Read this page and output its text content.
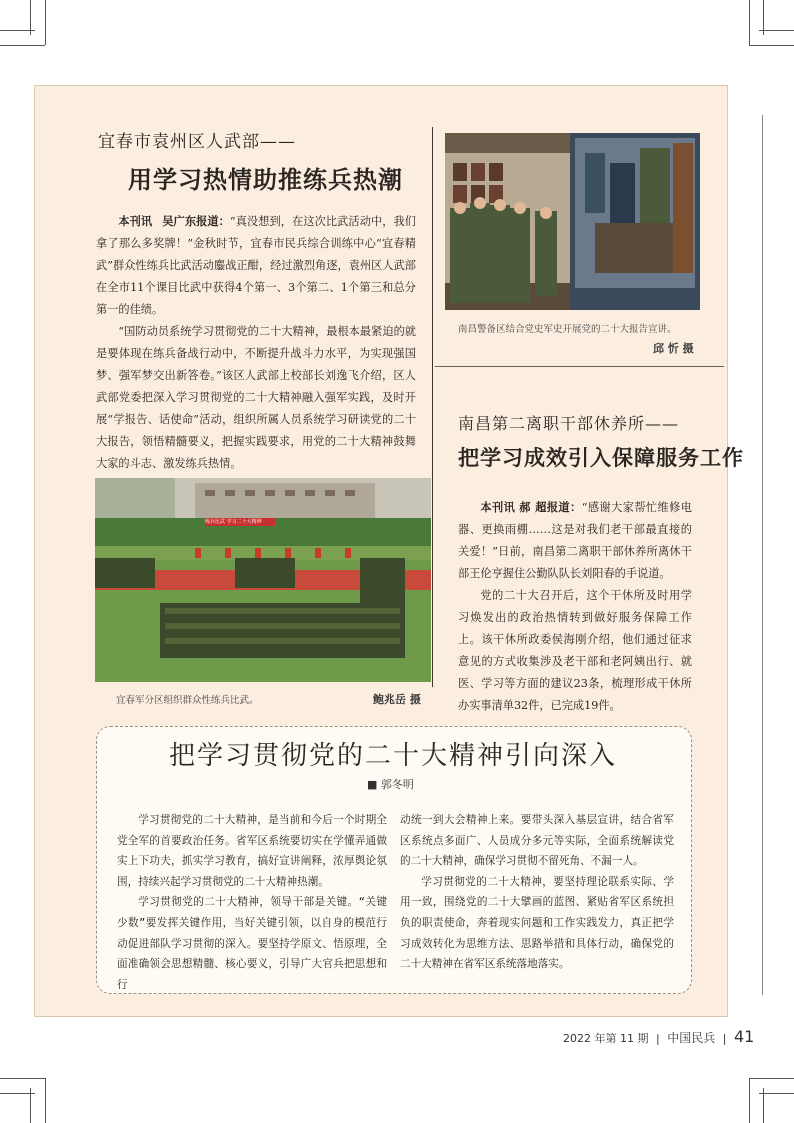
宜春市袁州区人武部——
用学习热情助推练兵热潮

本刊讯 吴广东报道：“真没想到，在这次比武活动中，我们拿了那么多奖牌！”金秋时节，宜春市民兵综合训练中心“宜春精武”群众性练兵比武活动鏖战正酣，经过激烈角逐，袁州区人武部在全市11个课目比武中获得4个第一、3个第二、1个第三和总分第一的佳绩。

“国防动员系统学习贯彻党的二十大精神，最根本最紧迫的就是要体现在练兵备战行动中，不断提升战斗力水平，为实现强国梦、强军梦交出新答卷。”该区人武部上校部长刘逸飞介绍，区人武部党委把深入学习贯彻党的二十大精神融入强军实践，及时开展“学报告、话使命”活动，组织所属人员系统学习研读党的二十大报告，领悟精髓要义，把握实践要求，用党的二十大精神鼓舞大家的斗志、激发练兵热情。

南昌警备区结合党史军史开展党的二十大报告宣讲。
邱 忻 摄
南昌第二离职干部休养所——
把学习成效引入保障服务工作

本刊讯 郝 超报道：“感谢大家帮忙维修电器、更换雨棚……这是对我们老干部最直接的关爱！”日前，南昌第二离职干部休养所离休干部王伦亨握住公勤队队长刘阳春的手说道。

党的二十大召开后，这个干休所及时用学习焕发出的政治热情转到做好服务保障工作上。该干休所政委侯海刚介绍，他们通过征求意见的方式收集涉及老干部和老阿姨出行、就医、学习等方面的建议23条，梳理形成干休所办实事清单32件，已完成19件。

练兵比武 学习二十大精神
宜春军分区组织群众性练兵比武。	鲍兆岳 摄
把学习贯彻党的二十大精神引向深入
■ 郭冬明

学习贯彻党的二十大精神，是当前和今后一个时期全党全军的首要政治任务。省军区系统要切实在学懂弄通做实上下功夫，抓实学习教育，搞好宣讲阐释，浓厚舆论氛围，持续兴起学习贯彻党的二十大精神热潮。

学习贯彻党的二十大精神，领导干部是关键。“关键少数”要发挥关键作用，当好关键引领，以自身的模范行动促进部队学习贯彻的深入。要坚持学原文、悟原理，全面准确领会思想精髓、核心要义，引导广大官兵把思想和行

动统一到大会精神上来。要带头深入基层宣讲，结合省军区系统点多面广、人员成分多元等实际，全面系统解读党的二十大精神，确保学习贯彻不留死角、不漏一人。

学习贯彻党的二十大精神，要坚持理论联系实际、学用一致，围绕党的二十大擘画的蓝图、紧贴省军区系统担负的职责使命，奔着现实问题和工作实践发力，真正把学习成效转化为思维方法、思路举措和具体行动，确保党的二十大精神在省军区系统落地落实。

2022 年第 11 期 | 中国民兵 | 41
